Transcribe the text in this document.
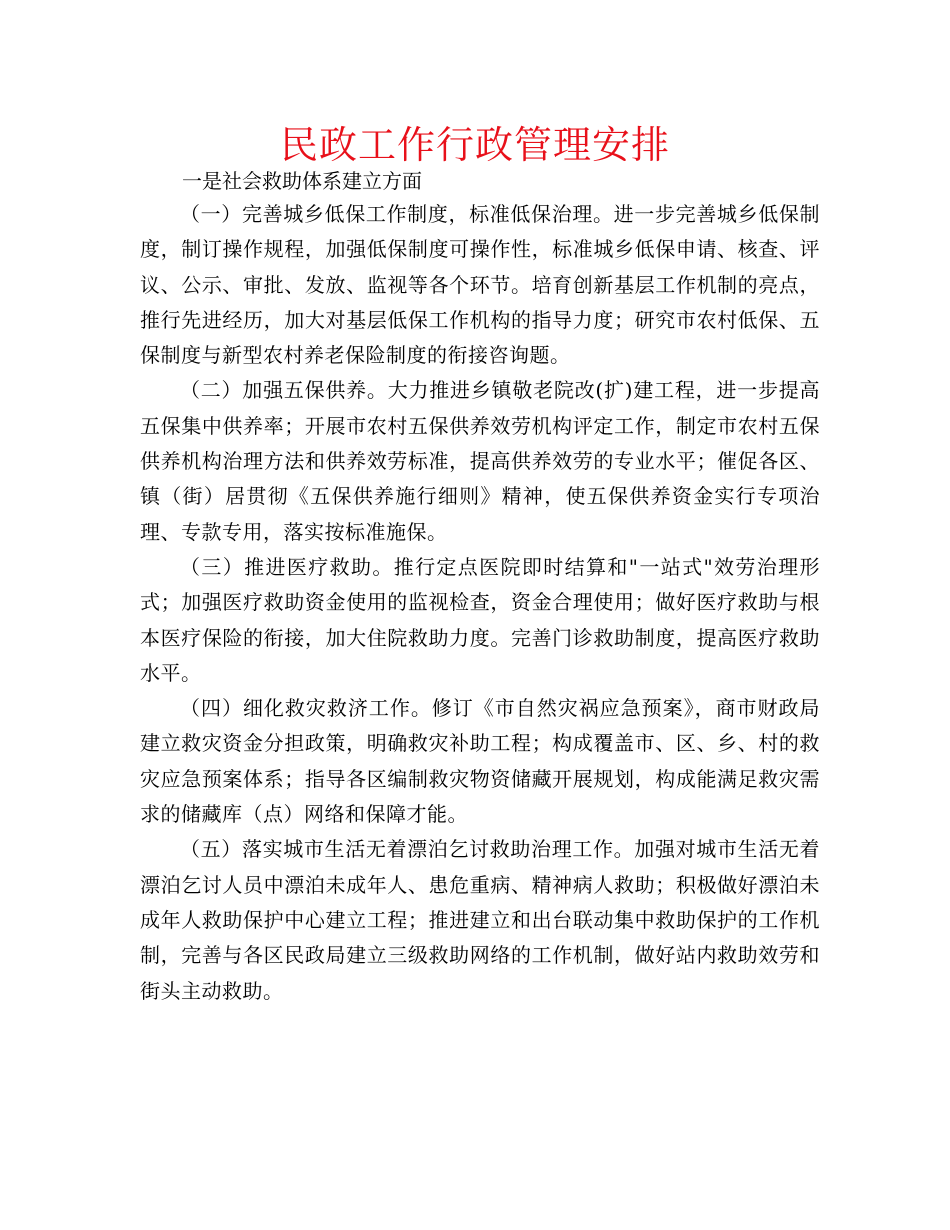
民政工作行政管理安排
一是社会救助体系建立方面

（一）完善城乡低保工作制度，标准低保治理。进一步完善城乡低保制度，制订操作规程，加强低保制度可操作性，标准城乡低保申请、核查、评议、公示、审批、发放、监视等各个环节。培育创新基层工作机制的亮点，推行先进经历，加大对基层低保工作机构的指导力度；研究市农村低保、五保制度与新型农村养老保险制度的衔接咨询题。

（二）加强五保供养。大力推进乡镇敬老院改(扩)建工程，进一步提高五保集中供养率；开展市农村五保供养效劳机构评定工作，制定市农村五保供养机构治理方法和供养效劳标准，提高供养效劳的专业水平；催促各区、镇（街）居贯彻《五保供养施行细则》精神，使五保供养资金实行专项治理、专款专用，落实按标准施保。

（三）推进医疗救助。推行定点医院即时结算和"一站式"效劳治理形式；加强医疗救助资金使用的监视检查，资金合理使用；做好医疗救助与根本医疗保险的衔接，加大住院救助力度。完善门诊救助制度，提高医疗救助水平。

（四）细化救灾救济工作。修订《市自然灾祸应急预案》，商市财政局建立救灾资金分担政策，明确救灾补助工程；构成覆盖市、区、乡、村的救灾应急预案体系；指导各区编制救灾物资储藏开展规划，构成能满足救灾需求的储藏库（点）网络和保障才能。

（五）落实城市生活无着漂泊乞讨救助治理工作。加强对城市生活无着漂泊乞讨人员中漂泊未成年人、患危重病、精神病人救助；积极做好漂泊未成年人救助保护中心建立工程；推进建立和出台联动集中救助保护的工作机制，完善与各区民政局建立三级救助网络的工作机制，做好站内救助效劳和街头主动救助。
